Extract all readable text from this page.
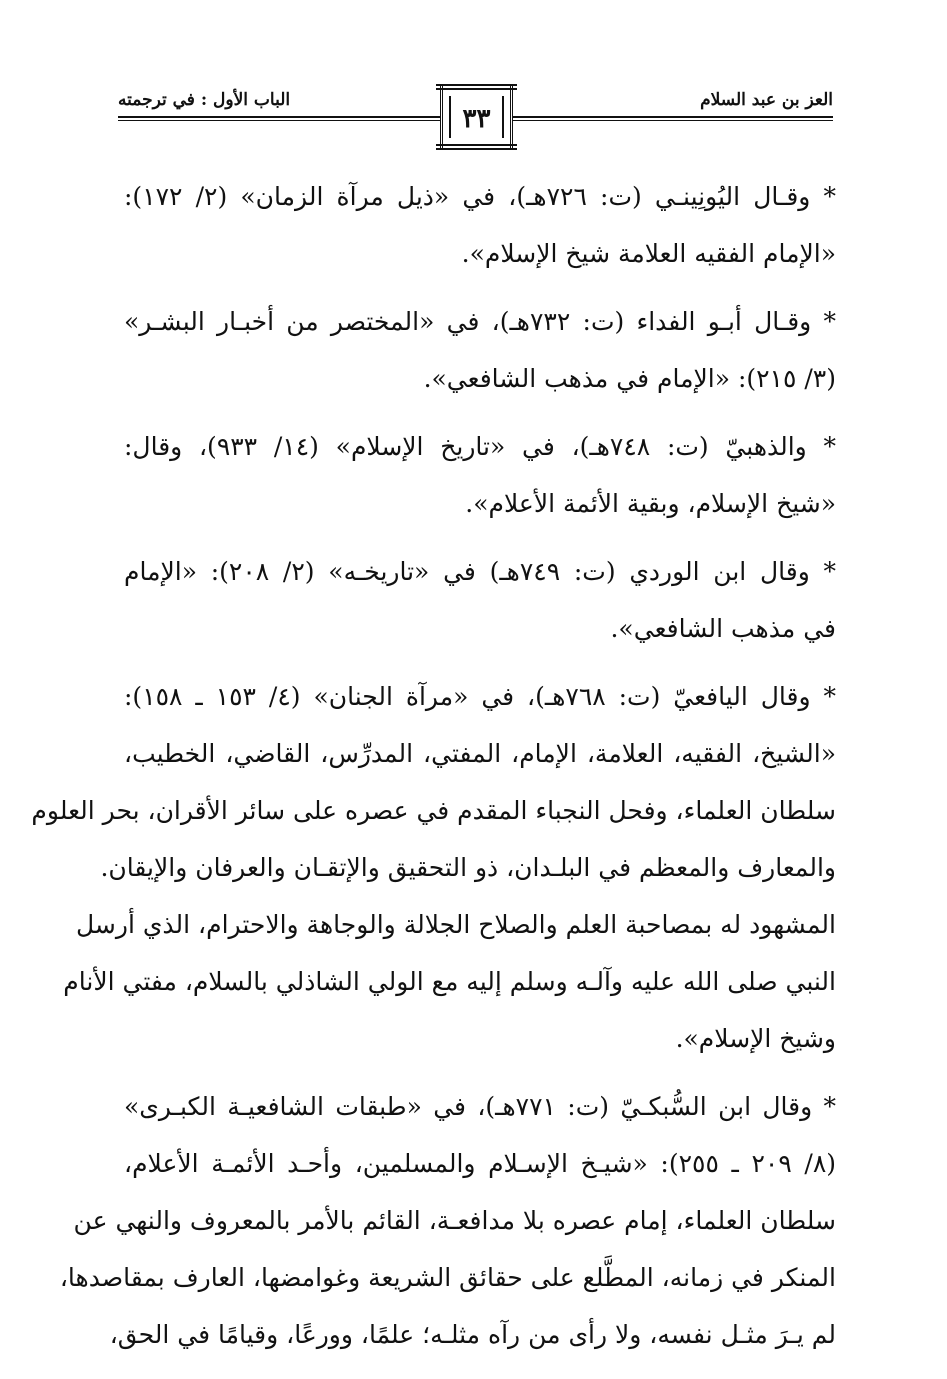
العز بن عبد السلام
الباب الأول : في ترجمته
٣٣
* وقـال اليُونِينـي (ت: ٧٢٦هـ)، في «ذيل مرآة الزمان» (٢/ ١٧٢):
«الإمام الفقيه العلامة شيخ الإسلام».
* وقـال أبـو الفداء (ت: ٧٣٢هـ)، في «المختصر من أخبـار البشـر»
(٣/ ٢١٥): «الإمام في مذهب الشافعي».
* والذهبيّ (ت: ٧٤٨هـ)، في «تاريخ الإسلام» (١٤/ ٩٣٣)، وقال:
«شيخ الإسلام، وبقية الأئمة الأعلام».
* وقال ابن الوردي (ت: ٧٤٩هـ) في «تاريخـه» (٢/ ٢٠٨): «الإمام
في مذهب الشافعي».
* وقال اليافعيّ (ت: ٧٦٨هـ)، في «مرآة الجنان» (٤/ ١٥٣ ـ ١٥٨):
«الشيخ، الفقيه، العلامة، الإمام، المفتي، المدرِّس، القاضي، الخطيب،
سلطان العلماء، وفحل النجباء المقدم في عصره على سائر الأقران، بحر العلوم
والمعارف والمعظم في البلـدان، ذو التحقيق والإتقـان والعرفان والإيقان.
المشهود له بمصاحبة العلم والصلاح الجلالة والوجاهة والاحترام، الذي أرسل
النبي صلى الله عليه وآلـه وسلم إليه مع الولي الشاذلي بالسلام، مفتي الأنام
وشيخ الإسلام».
* وقال ابن السُّبكـيّ (ت: ٧٧١هـ)، في «طبقات الشافعيـة الكبـرى»
(٨/ ٢٠٩ ـ ٢٥٥): «شيـخ الإسـلام والمسلمين، وأحـد الأئمـة الأعلام،
سلطان العلماء، إمام عصره بلا مدافعـة، القائم بالأمر بالمعروف والنهي عن
المنكر في زمانه، المطَّلع على حقائق الشريعة وغوامضها، العارف بمقاصدها،
لم يـرَ مثـل نفسه، ولا رأى من رآه مثلـه؛ علمًا، وورعًا، وقيامًا في الحق،
